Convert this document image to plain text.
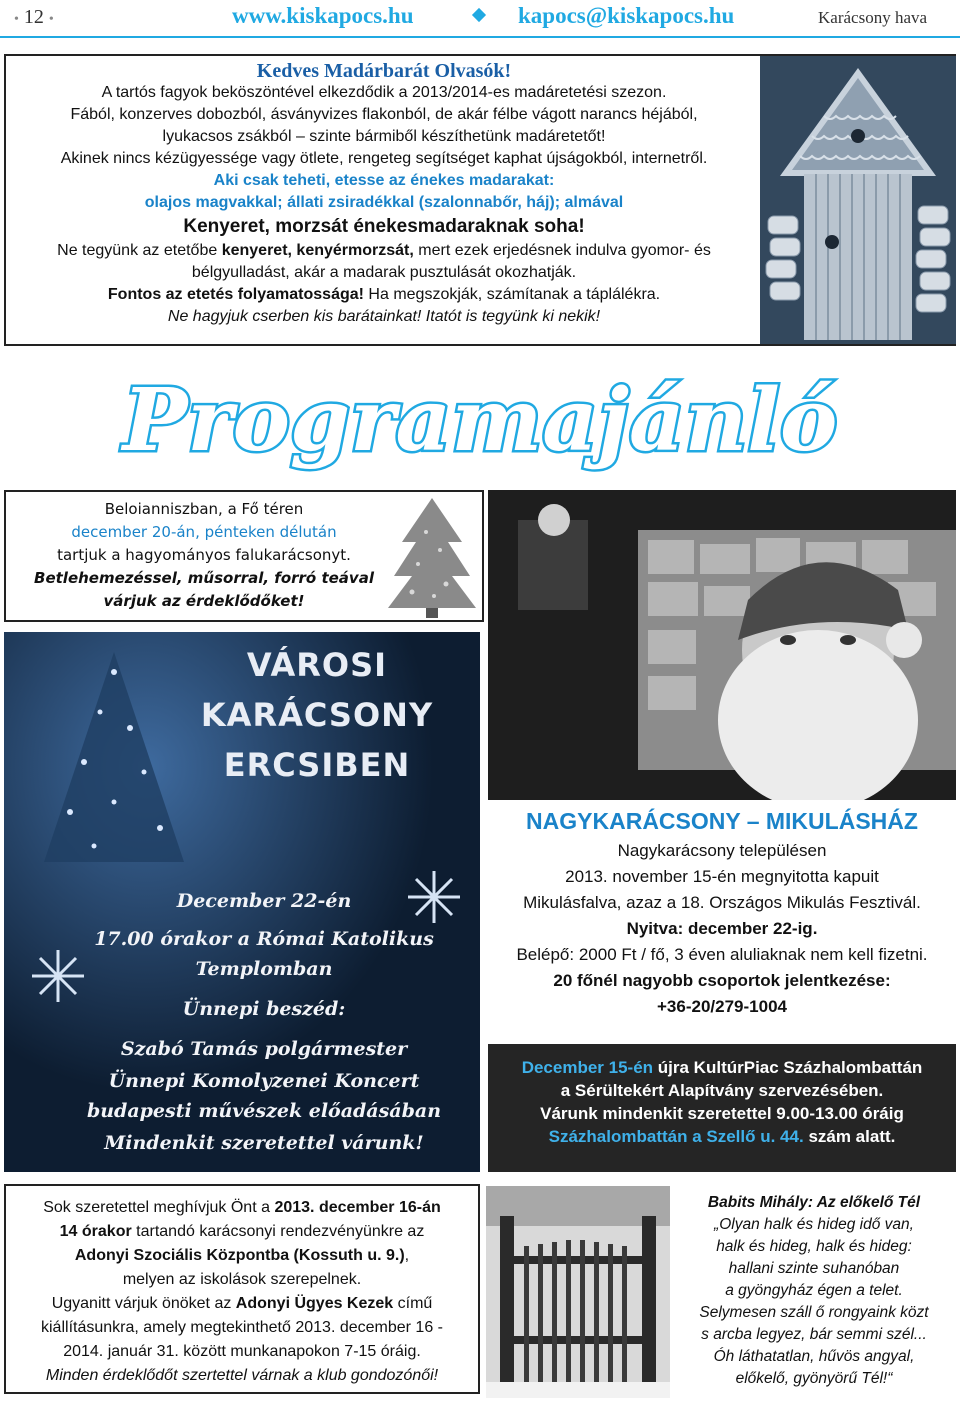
• 12 •	www.kiskapocs.hu	kapocs@kiskapocs.hu	Karácsony hava
Kedves Madárbarát Olvasók!
A tartós fagyok beköszöntével elkezdődik a 2013/2014-es madáretetési szezon.
Fából, konzerves dobozból, ásványvizes flakonból, de akár félbe vágott narancs héjából,
lyukacsos zsákból – szinte bármiből készíthetünk madáretetőt!
Akinek nincs kézügyessége vagy ötlete, rengeteg segítséget kaphat újságokból, internetről.
Aki csak teheti, etesse az énekes madarakat:
olajos magvakkal; állati zsiradékkal (szalonnabőr, háj); almával
Kenyeret, morzsát énekesmadaraknak soha!
Ne tegyünk az etetőbe kenyeret, kenyérmorzsát, mert ezek erjedésnek indulva gyomor- és
bélgyulladást, akár a madarak pusztulását okozhatják.
Fontos az etetés folyamatossága! Ha megszokják, számítanak a táplálékra.
Ne hagyjuk cserben kis barátainkat! Itatót is tegyünk ki nekik!
Programajánló
Beloianniszban, a Fő téren
december 20-án, pénteken délután
tartjuk a hagyományos falukarácsonyt.
Betlehemezéssel, műsorral, forró teával
várjuk az érdeklődőket!
VÁROSI
KARÁCSONY
ERCSIBEN
December 22-én
17.00 órakor a Római Katolikus
Templomban
Ünnepi beszéd:
Szabó Tamás polgármester
Ünnepi Komolyzenei Koncert
budapesti művészek előadásában
Mindenkit szeretettel várunk!
NAGYKARÁCSONY – MIKULÁSHÁZ
Nagykarácsony településen
2013. november 15-én megnyitotta kapuit
Mikulásfalva, azaz a 18. Országos Mikulás Fesztivál.
Nyitva: december 22-ig.
Belépő: 2000 Ft / fő, 3 éven aluliaknak nem kell fizetni.
20 főnél nagyobb csoportok jelentkezése:
+36-20/279-1004
December 15-én újra KultúrPiac Százhalombattán
a Sérültekért Alapítvány szervezésében.
Várunk mindenkit szeretettel 9.00-13.00 óráig
Százhalombattán a Szellő u. 44. szám alatt.
Sok szeretettel meghívjuk Önt a 2013. december 16-án
14 órakor tartandó karácsonyi rendezvényünkre az
Adonyi Szociális Központba (Kossuth u. 9.),
melyen az iskolások szerepelnek.
Ugyanitt várjuk önöket az Adonyi Ügyes Kezek című
kiállításunkra, amely megtekinthető 2013. december 16 -
2014. január 31. között munkanapokon 7-15 óráig.
Minden érdeklődőt szertettel várnak a klub gondozónői!
Babits Mihály: Az előkelő Tél
„Olyan halk és hideg idő van,
halk és hideg, halk és hideg:
hallani szinte suhanóban
a gyöngyház égen a telet.
Selymesen száll ő rongyaink közt
s arcba legyez, bár semmi szél...
Óh láthatatlan, hűvös angyal,
előkelő, gyönyörű Tél!“
